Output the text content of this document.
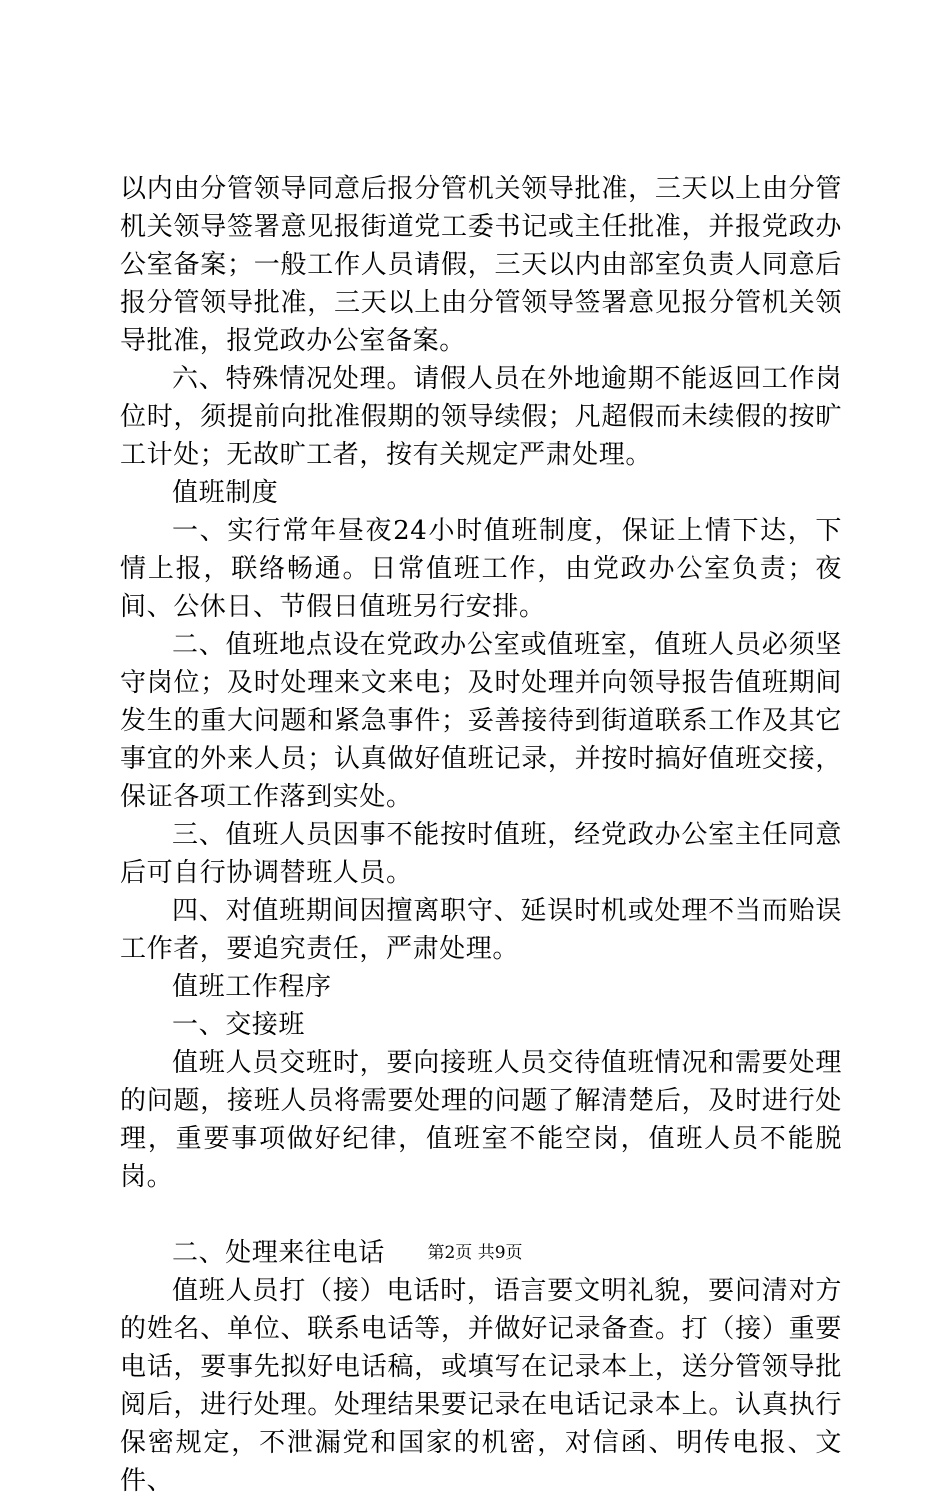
以内由分管领导同意后报分管机关领导批准，三天以上由分管机关领导签署意见报街道党工委书记或主任批准，并报党政办公室备案；一般工作人员请假，三天以内由部室负责人同意后报分管领导批准，三天以上由分管领导签署意见报分管机关领导批准，报党政办公室备案。

六、特殊情况处理。请假人员在外地逾期不能返回工作岗位时，须提前向批准假期的领导续假；凡超假而未续假的按旷工计处；无故旷工者，按有关规定严肃处理。

值班制度

一、实行常年昼夜24小时值班制度，保证上情下达，下情上报，联络畅通。日常值班工作，由党政办公室负责；夜间、公休日、节假日值班另行安排。

二、值班地点设在党政办公室或值班室，值班人员必须坚守岗位；及时处理来文来电；及时处理并向领导报告值班期间发生的重大问题和紧急事件；妥善接待到街道联系工作及其它事宜的外来人员；认真做好值班记录，并按时搞好值班交接，保证各项工作落到实处。

三、值班人员因事不能按时值班，经党政办公室主任同意后可自行协调替班人员。

四、对值班期间因擅离职守、延误时机或处理不当而贻误工作者，要追究责任，严肃处理。

值班工作程序

一、交接班

值班人员交班时，要向接班人员交待值班情况和需要处理的问题，接班人员将需要处理的问题了解清楚后，及时进行处理，重要事项做好纪律，值班室不能空岗，值班人员不能脱岗。

二、处理来往电话

值班人员打（接）电话时，语言要文明礼貌，要问清对方的姓名、单位、联系电话等，并做好记录备查。打（接）重要电话，要事先拟好电话稿，或填写在记录本上，送分管领导批阅后，进行处理。处理结果要记录在电话记录本上。认真执行保密规定，不泄漏党和国家的机密，对信函、明传电报、文件、

第2页 共9页
